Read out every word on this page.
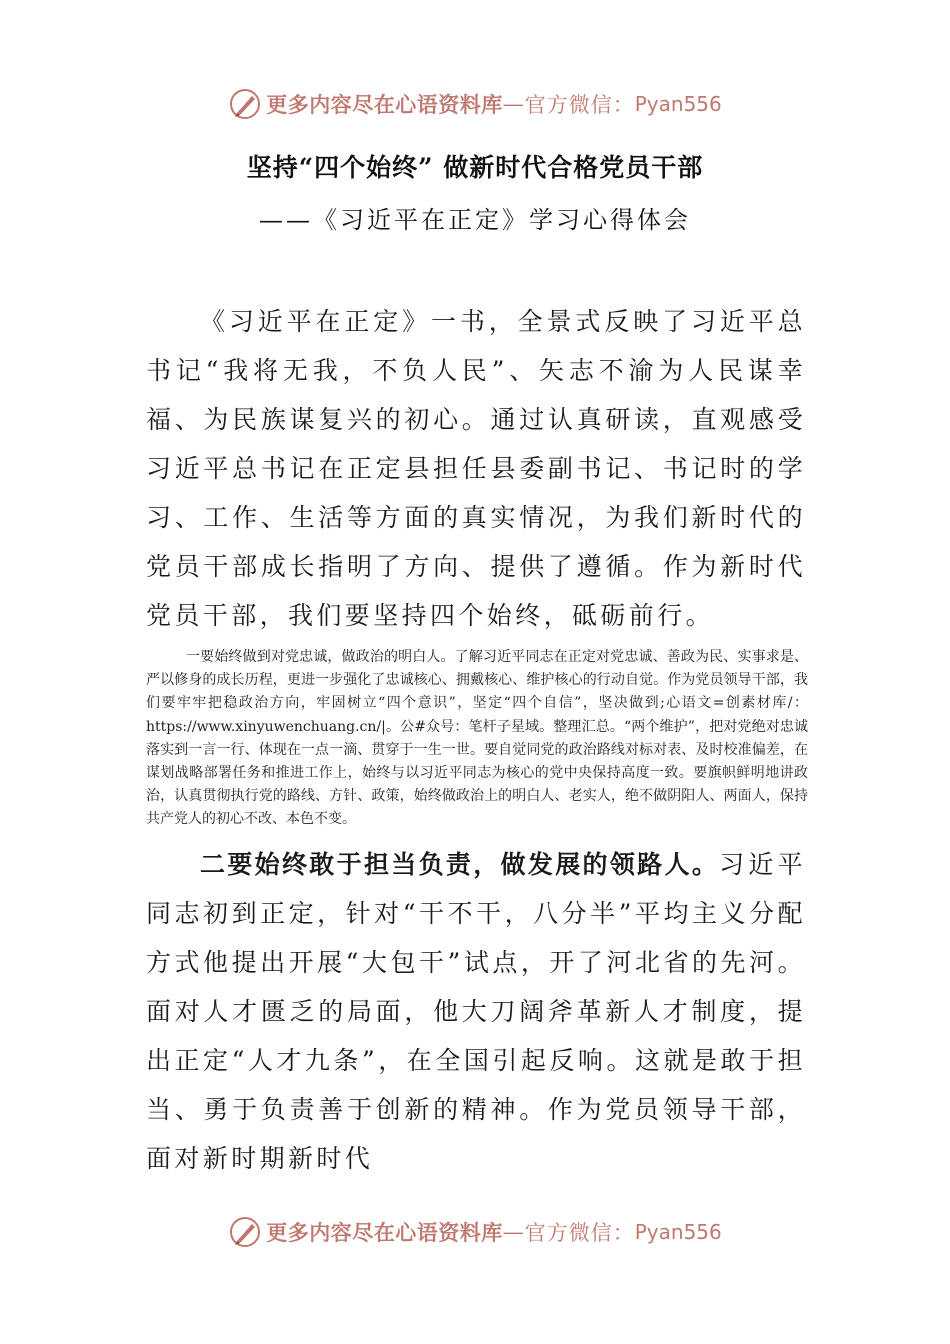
更多内容尽在心语资料库 — 官方微信： Pyan556
坚持“四个始终” 做新时代合格党员干部
——《习近平在正定》学习心得体会
《习近平在正定》一书，全景式反映了习近平总书记“我将无我，不负人民”、矢志不渝为人民谋幸福、为民族谋复兴的初心。通过认真研读，直观感受习近平总书记在正定县担任县委副书记、书记时的学习、工作、生活等方面的真实情况，为我们新时代的党员干部成长指明了方向、提供了遵循。作为新时代党员干部，我们要坚持四个始终，砥砺前行。
一要始终做到对党忠诚，做政治的明白人。了解习近平同志在正定对党忠诚、善政为民、实事求是、严以修身的成长历程，更进一步强化了忠诚核心、拥戴核心、维护核心的行动自觉。作为党员领导干部，我们要牢牢把稳政治方向，牢固树立“四个意识”，坚定“四个自信”，坚决做到;心语文=创素材库/：https://www.xinyuwenchuang.cn/|。公#众号：笔杆子星域。整理汇总。“两个维护”，把对党绝对忠诚落实到一言一行、体现在一点一滴、贯穿于一生一世。要自觉同党的政治路线对标对表、及时校准偏差，在谋划战略部署任务和推进工作上，始终与以习近平同志为核心的党中央保持高度一致。要旗帜鲜明地讲政治，认真贯彻执行党的路线、方针、政策，始终做政治上的明白人、老实人，绝不做阴阳人、两面人，保持共产党人的初心不改、本色不变。
二要始终敢于担当负责，做发展的领路人。习近平同志初到正定，针对“干不干，八分半”平均主义分配方式他提出开展“大包干”试点，开了河北省的先河。面对人才匮乏的局面，他大刀阔斧革新人才制度，提出正定“人才九条”，在全国引起反响。这就是敢于担当、勇于负责善于创新的精神。作为党员领导干部，面对新时期新时代
更多内容尽在心语资料库 — 官方微信： Pyan556
